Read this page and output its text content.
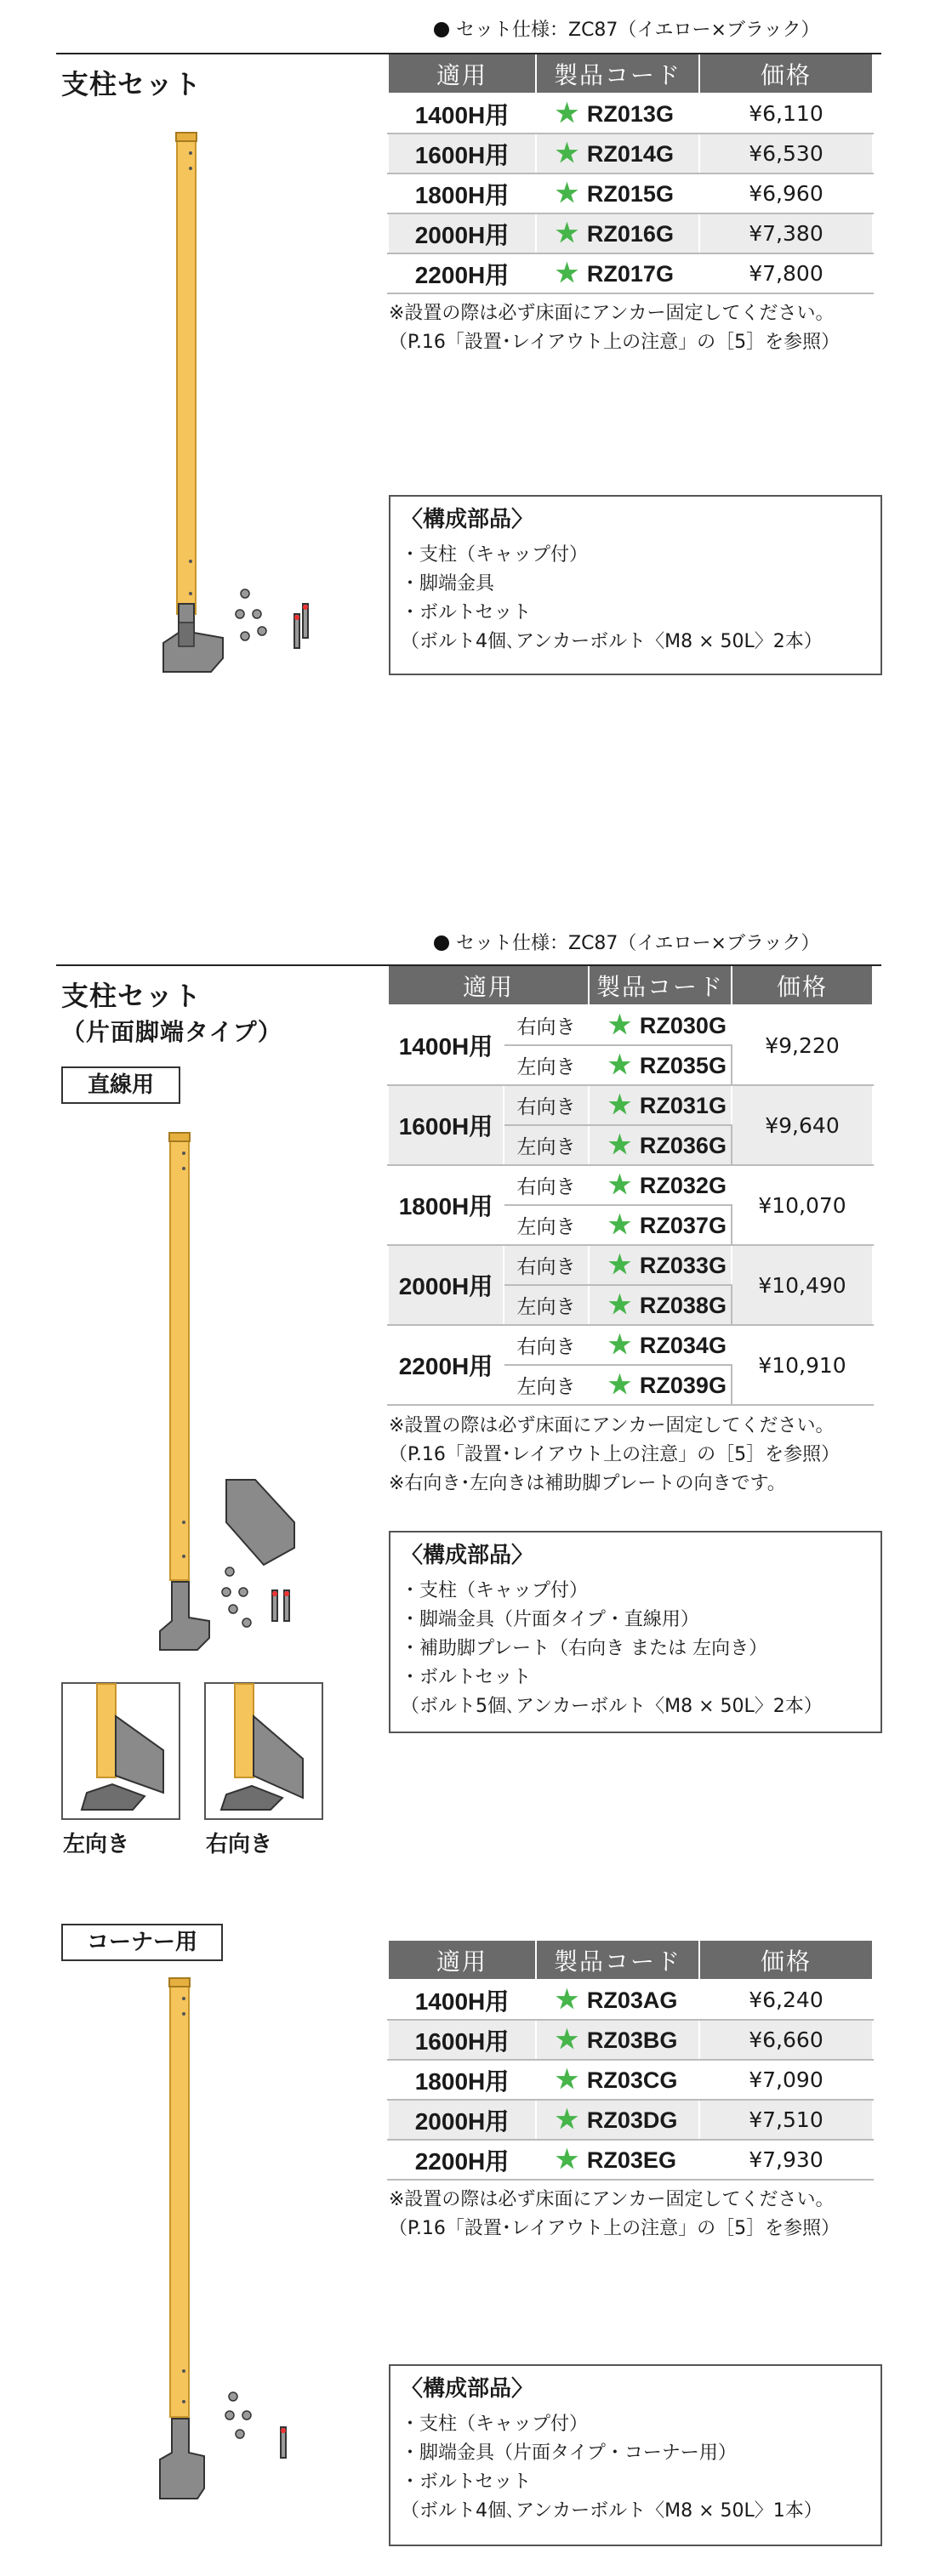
セット仕様：ZC87（イエロー×ブラック）
支柱セット	適用	製品コード	価格
1400H用	★ RZ013G	¥6,110
1600H用	★ RZ014G	¥6,530
1800H用	★ RZ015G	¥6,960
2000H用	★ RZ016G	¥7,380
2200H用	★ RZ017G	¥7,800
※設置の際は必ず床面にアンカー固定してください。
（P.16「設置･レイアウト上の注意」の［5］を参照）
〈構成部品〉
・支柱（キャップ付）
・脚端金具
・ボルトセット
（ボルト4個､アンカーボルト〈M8 × 50L〉2本）
セット仕様：ZC87（イエロー×ブラック）
支柱セット
（片面脚端タイプ）
直線用
適用		製品コード	価格
1400H用	右向き	★ RZ030G	¥9,220
	左向き	★ RZ035G	
1600H用	右向き	★ RZ031G	¥9,640
	左向き	★ RZ036G	
1800H用	右向き	★ RZ032G	¥10,070
	左向き	★ RZ037G	
2000H用	右向き	★ RZ033G	¥10,490
	左向き	★ RZ038G	
2200H用	右向き	★ RZ034G	¥10,910
	左向き	★ RZ039G	
※設置の際は必ず床面にアンカー固定してください。
（P.16「設置･レイアウト上の注意」の［5］を参照）
※右向き･左向きは補助脚プレートの向きです。
〈構成部品〉
・支柱（キャップ付）
・脚端金具（片面タイプ・直線用）
・補助脚プレート（右向き または 左向き）
・ボルトセット
（ボルト5個､アンカーボルト〈M8 × 50L〉2本）
左向き	右向き
コーナー用
適用	製品コード	価格
1400H用	★ RZ03AG	¥6,240
1600H用	★ RZ03BG	¥6,660
1800H用	★ RZ03CG	¥7,090
2000H用	★ RZ03DG	¥7,510
2200H用	★ RZ03EG	¥7,930
※設置の際は必ず床面にアンカー固定してください。
（P.16「設置･レイアウト上の注意」の［5］を参照）
〈構成部品〉
・支柱（キャップ付）
・脚端金具（片面タイプ・コーナー用）
・ボルトセット
（ボルト4個､アンカーボルト〈M8 × 50L〉1本）
